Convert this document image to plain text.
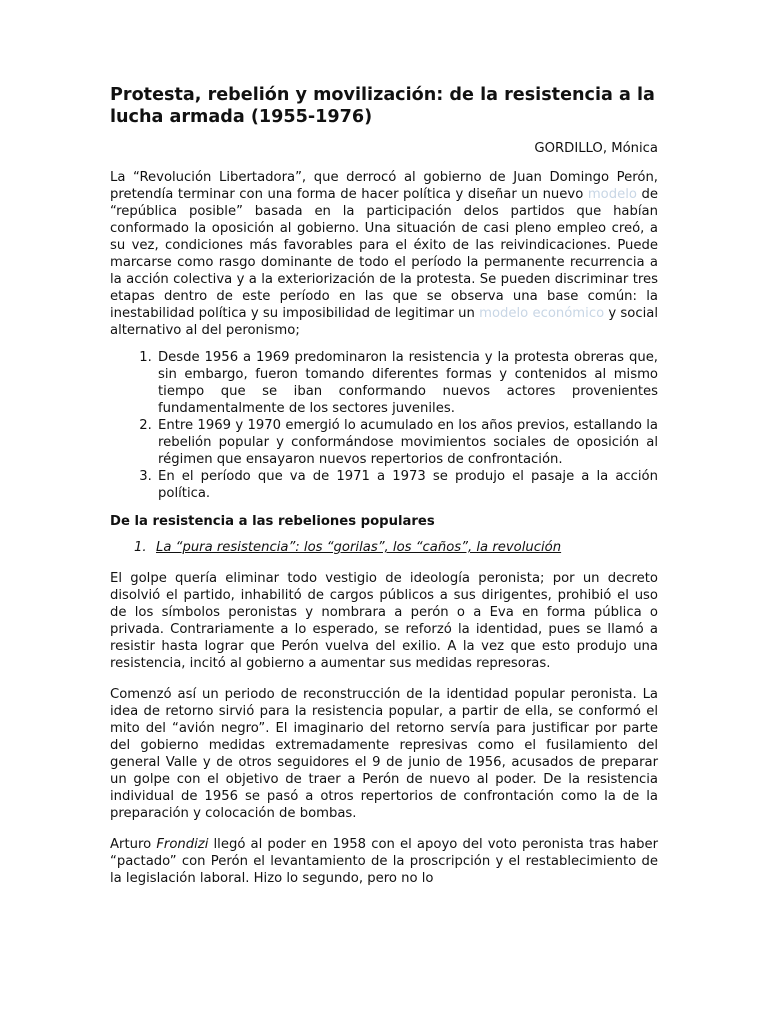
Protesta, rebelión y movilización: de la resistencia a la lucha armada (1955-1976)

GORDILLO, Mónica

La “Revolución Libertadora”, que derrocó al gobierno de Juan Domingo Perón, pretendía terminar con una forma de hacer política y diseñar un nuevo modelo de “república posible” basada en la participación delos partidos que habían conformado la oposición al gobierno. Una situación de casi pleno empleo creó, a su vez, condiciones más favorables para el éxito de las reivindicaciones. Puede marcarse como rasgo dominante de todo el período la permanente recurrencia a la acción colectiva y a la exteriorización de la protesta. Se pueden discriminar tres etapas dentro de este período en las que se observa una base común: la inestabilidad política y su imposibilidad de legitimar un modelo económico y social alternativo al del peronismo;

1. Desde 1956 a 1969 predominaron la resistencia y la protesta obreras que, sin embargo, fueron tomando diferentes formas y contenidos al mismo tiempo que se iban conformando nuevos actores provenientes fundamentalmente de los sectores juveniles.
2. Entre 1969 y 1970 emergió lo acumulado en los años previos, estallando la rebelión popular y conformándose movimientos sociales de oposición al régimen que ensayaron nuevos repertorios de confrontación.
3. En el período que va de 1971 a 1973 se produjo el pasaje a la acción política.

De la resistencia a las rebeliones populares

1. La “pura resistencia”: los “gorilas”, los “caños”, la revolución

El golpe quería eliminar todo vestigio de ideología peronista; por un decreto disolvió el partido, inhabilitó de cargos públicos a sus dirigentes, prohibió el uso de los símbolos peronistas y nombrara a perón o a Eva en forma pública o privada. Contrariamente a lo esperado, se reforzó la identidad, pues se llamó a resistir hasta lograr que Perón vuelva del exilio. A la vez que esto produjo una resistencia, incitó al gobierno a aumentar sus medidas represoras.

Comenzó así un periodo de reconstrucción de la identidad popular peronista. La idea de retorno sirvió para la resistencia popular, a partir de ella, se conformó el mito del “avión negro”. El imaginario del retorno servía para justificar por parte del gobierno medidas extremadamente represivas como el fusilamiento del general Valle y de otros seguidores el 9 de junio de 1956, acusados de preparar un golpe con el objetivo de traer a Perón de nuevo al poder. De la resistencia individual de 1956 se pasó a otros repertorios de confrontación como la de la preparación y colocación de bombas.

Arturo Frondizi llegó al poder en 1958 con el apoyo del voto peronista tras haber “pactado” con Perón el levantamiento de la proscripción y el restablecimiento de la legislación laboral. Hizo lo segundo, pero no lo
